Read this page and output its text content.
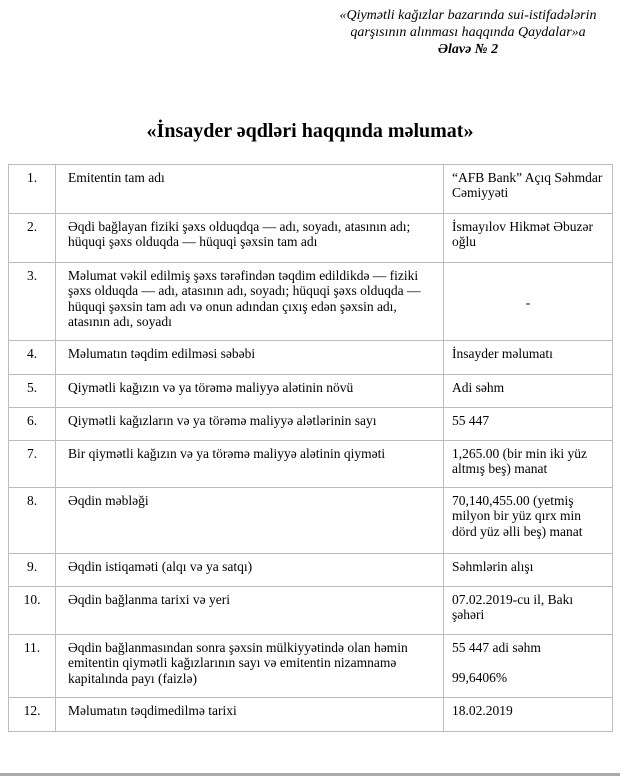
«Qiymətli kağızlar bazarında sui-istifadələrin
qarşısının alınması haqqında Qaydalar»a
Əlavə № 2
«İnsayder əqdləri haqqında məlumat»
1.	Emitentin tam adı	“AFB Bank” Açıq Səhmdar Cəmiyyəti
2.	Əqdi bağlayan fiziki şəxs olduqdqa — adı, soyadı, atasının adı; hüquqi şəxs olduqda — hüquqi şəxsin tam adı	İsmayılov Hikmət Əbuzər oğlu
3.	Məlumat vəkil edilmiş şəxs tərəfindən təqdim edildikdə — fiziki şəxs olduqda — adı, atasının adı, soyadı; hüquqi şəxs olduqda — hüquqi şəxsin tam adı və onun adından çıxış edən şəxsin adı, atasının adı, soyadı	-
4.	Məlumatın təqdim edilməsi səbəbi	İnsayder məlumatı
5.	Qiymətli kağızın və ya törəmə maliyyə alətinin növü	Adi səhm
6.	Qiymətli kağızların və ya törəmə maliyyə alətlərinin sayı	55 447
7.	Bir qiymətli kağızın və ya törəmə maliyyə alətinin qiyməti	1,265.00 (bir min iki yüz altmış beş) manat
8.	Əqdin məbləği	70,140,455.00 (yetmiş milyon bir yüz qırx min dörd yüz əlli beş) manat
9.	Əqdin istiqaməti (alqı və ya satqı)	Səhmlərin alışı
10.	Əqdin bağlanma tarixi və yeri	07.02.2019-cu il, Bakı şəhəri
11.	Əqdin bağlanmasından sonra şəxsin mülkiyyətində olan həmin emitentin qiymətli kağızlarının sayı və emitentin nizamnamə kapitalında payı (faizlə)	55 447 adi səhm
99,6406%

12.	Məlumatın təqdimedilmə tarixi	18.02.2019
